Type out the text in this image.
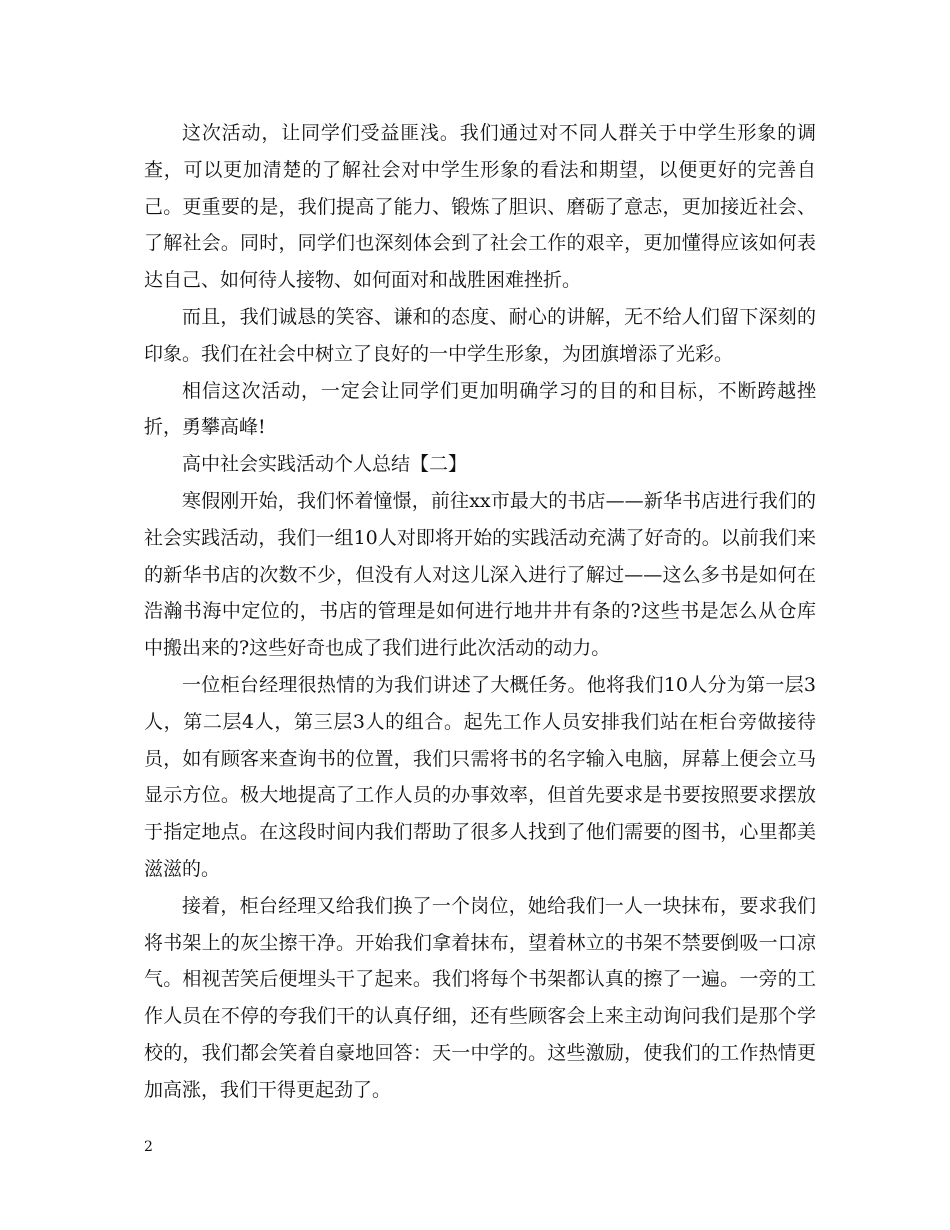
这次活动，让同学们受益匪浅。我们通过对不同人群关于中学生形象的调查，可以更加清楚的了解社会对中学生形象的看法和期望，以便更好的完善自己。更重要的是，我们提高了能力、锻炼了胆识、磨砺了意志，更加接近社会、了解社会。同时，同学们也深刻体会到了社会工作的艰辛，更加懂得应该如何表达自己、如何待人接物、如何面对和战胜困难挫折。

而且，我们诚恳的笑容、谦和的态度、耐心的讲解，无不给人们留下深刻的印象。我们在社会中树立了良好的一中学生形象，为团旗增添了光彩。

相信这次活动，一定会让同学们更加明确学习的目的和目标，不断跨越挫折，勇攀高峰!

高中社会实践活动个人总结【二】

寒假刚开始，我们怀着憧憬，前往xx市最大的书店——新华书店进行我们的社会实践活动，我们一组10人对即将开始的实践活动充满了好奇的。以前我们来的新华书店的次数不少，但没有人对这儿深入进行了解过——这么多书是如何在浩瀚书海中定位的，书店的管理是如何进行地井井有条的?这些书是怎么从仓库中搬出来的?这些好奇也成了我们进行此次活动的动力。

一位柜台经理很热情的为我们讲述了大概任务。他将我们10人分为第一层3人，第二层4人，第三层3人的组合。起先工作人员安排我们站在柜台旁做接待员，如有顾客来查询书的位置，我们只需将书的名字输入电脑，屏幕上便会立马显示方位。极大地提高了工作人员的办事效率，但首先要求是书要按照要求摆放于指定地点。在这段时间内我们帮助了很多人找到了他们需要的图书，心里都美滋滋的。

接着，柜台经理又给我们换了一个岗位，她给我们一人一块抹布，要求我们将书架上的灰尘擦干净。开始我们拿着抹布，望着林立的书架不禁要倒吸一口凉气。相视苦笑后便埋头干了起来。我们将每个书架都认真的擦了一遍。一旁的工作人员在不停的夸我们干的认真仔细，还有些顾客会上来主动询问我们是那个学校的，我们都会笑着自豪地回答：天一中学的。这些激励，使我们的工作热情更加高涨，我们干得更起劲了。

2
